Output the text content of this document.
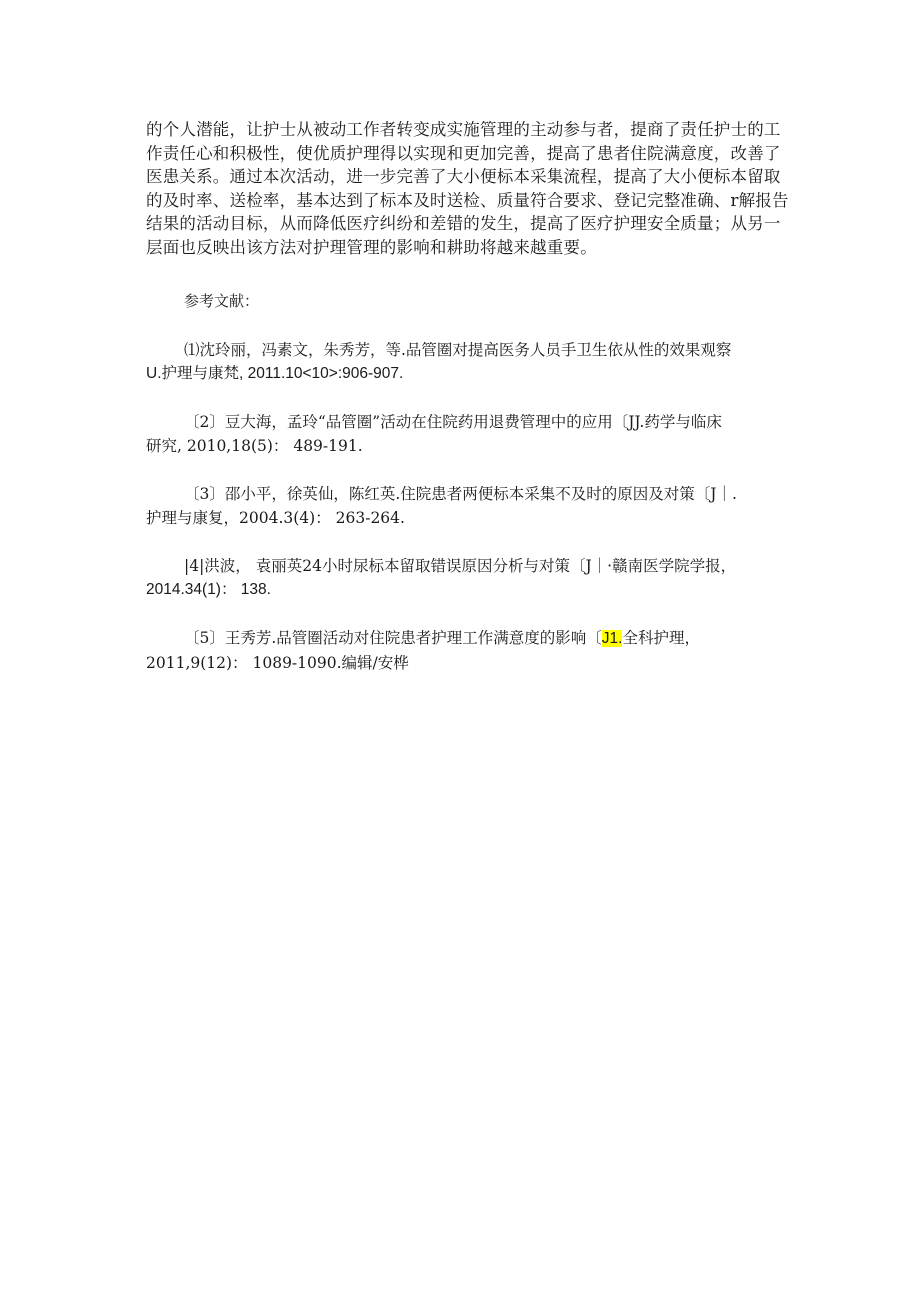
的个人潜能，让护士从被动工作者转变成实施管理的主动参与者，提商了责任护士的工
作责任心和积极性，使优质护理得以实现和更加完善，提高了患者住院满意度，改善了
医患关系。通过本次活动，进一步完善了大小便标本采集流程，提高了大小便标本留取
的及时率、送检率，基本达到了标本及时送检、质量符合要求、登记完整准确、r解报告
结果的活动目标，从而降低医疗纠纷和差错的发生，提高了医疗护理安全质量；从另一
层面也反映出该方法对护理管理的影响和耕助将越来越重要。

参考文献：

⑴沈玲丽，冯素文，朱秀芳，等.品管圈对提高医务人员手卫生依从性的效果观察
U.护理与康梵, 2011.10<10>:906-907.

〔2〕豆大海，孟玲“品管圈”活动在住院药用退费管理中的应用〔JJ.药学与临床
研究, 2010,18(5)： 489-191.

〔3〕邵小平，徐英仙，陈红英.住院患者两便标本采集不及时的原因及对策〔J｜.
护理与康复，2004.3(4)： 263-264.

|4|洪波， 袁丽英24小时尿标本留取错误原因分析与对策〔J｜·赣南医学院学报，
2014.34(1)： 138.

〔5〕王秀芳.品管圈活动对住院患者护理工作满意度的影响〔J1.全科护理，
2011,9(12)： 1089-1090.编辑/安桦
